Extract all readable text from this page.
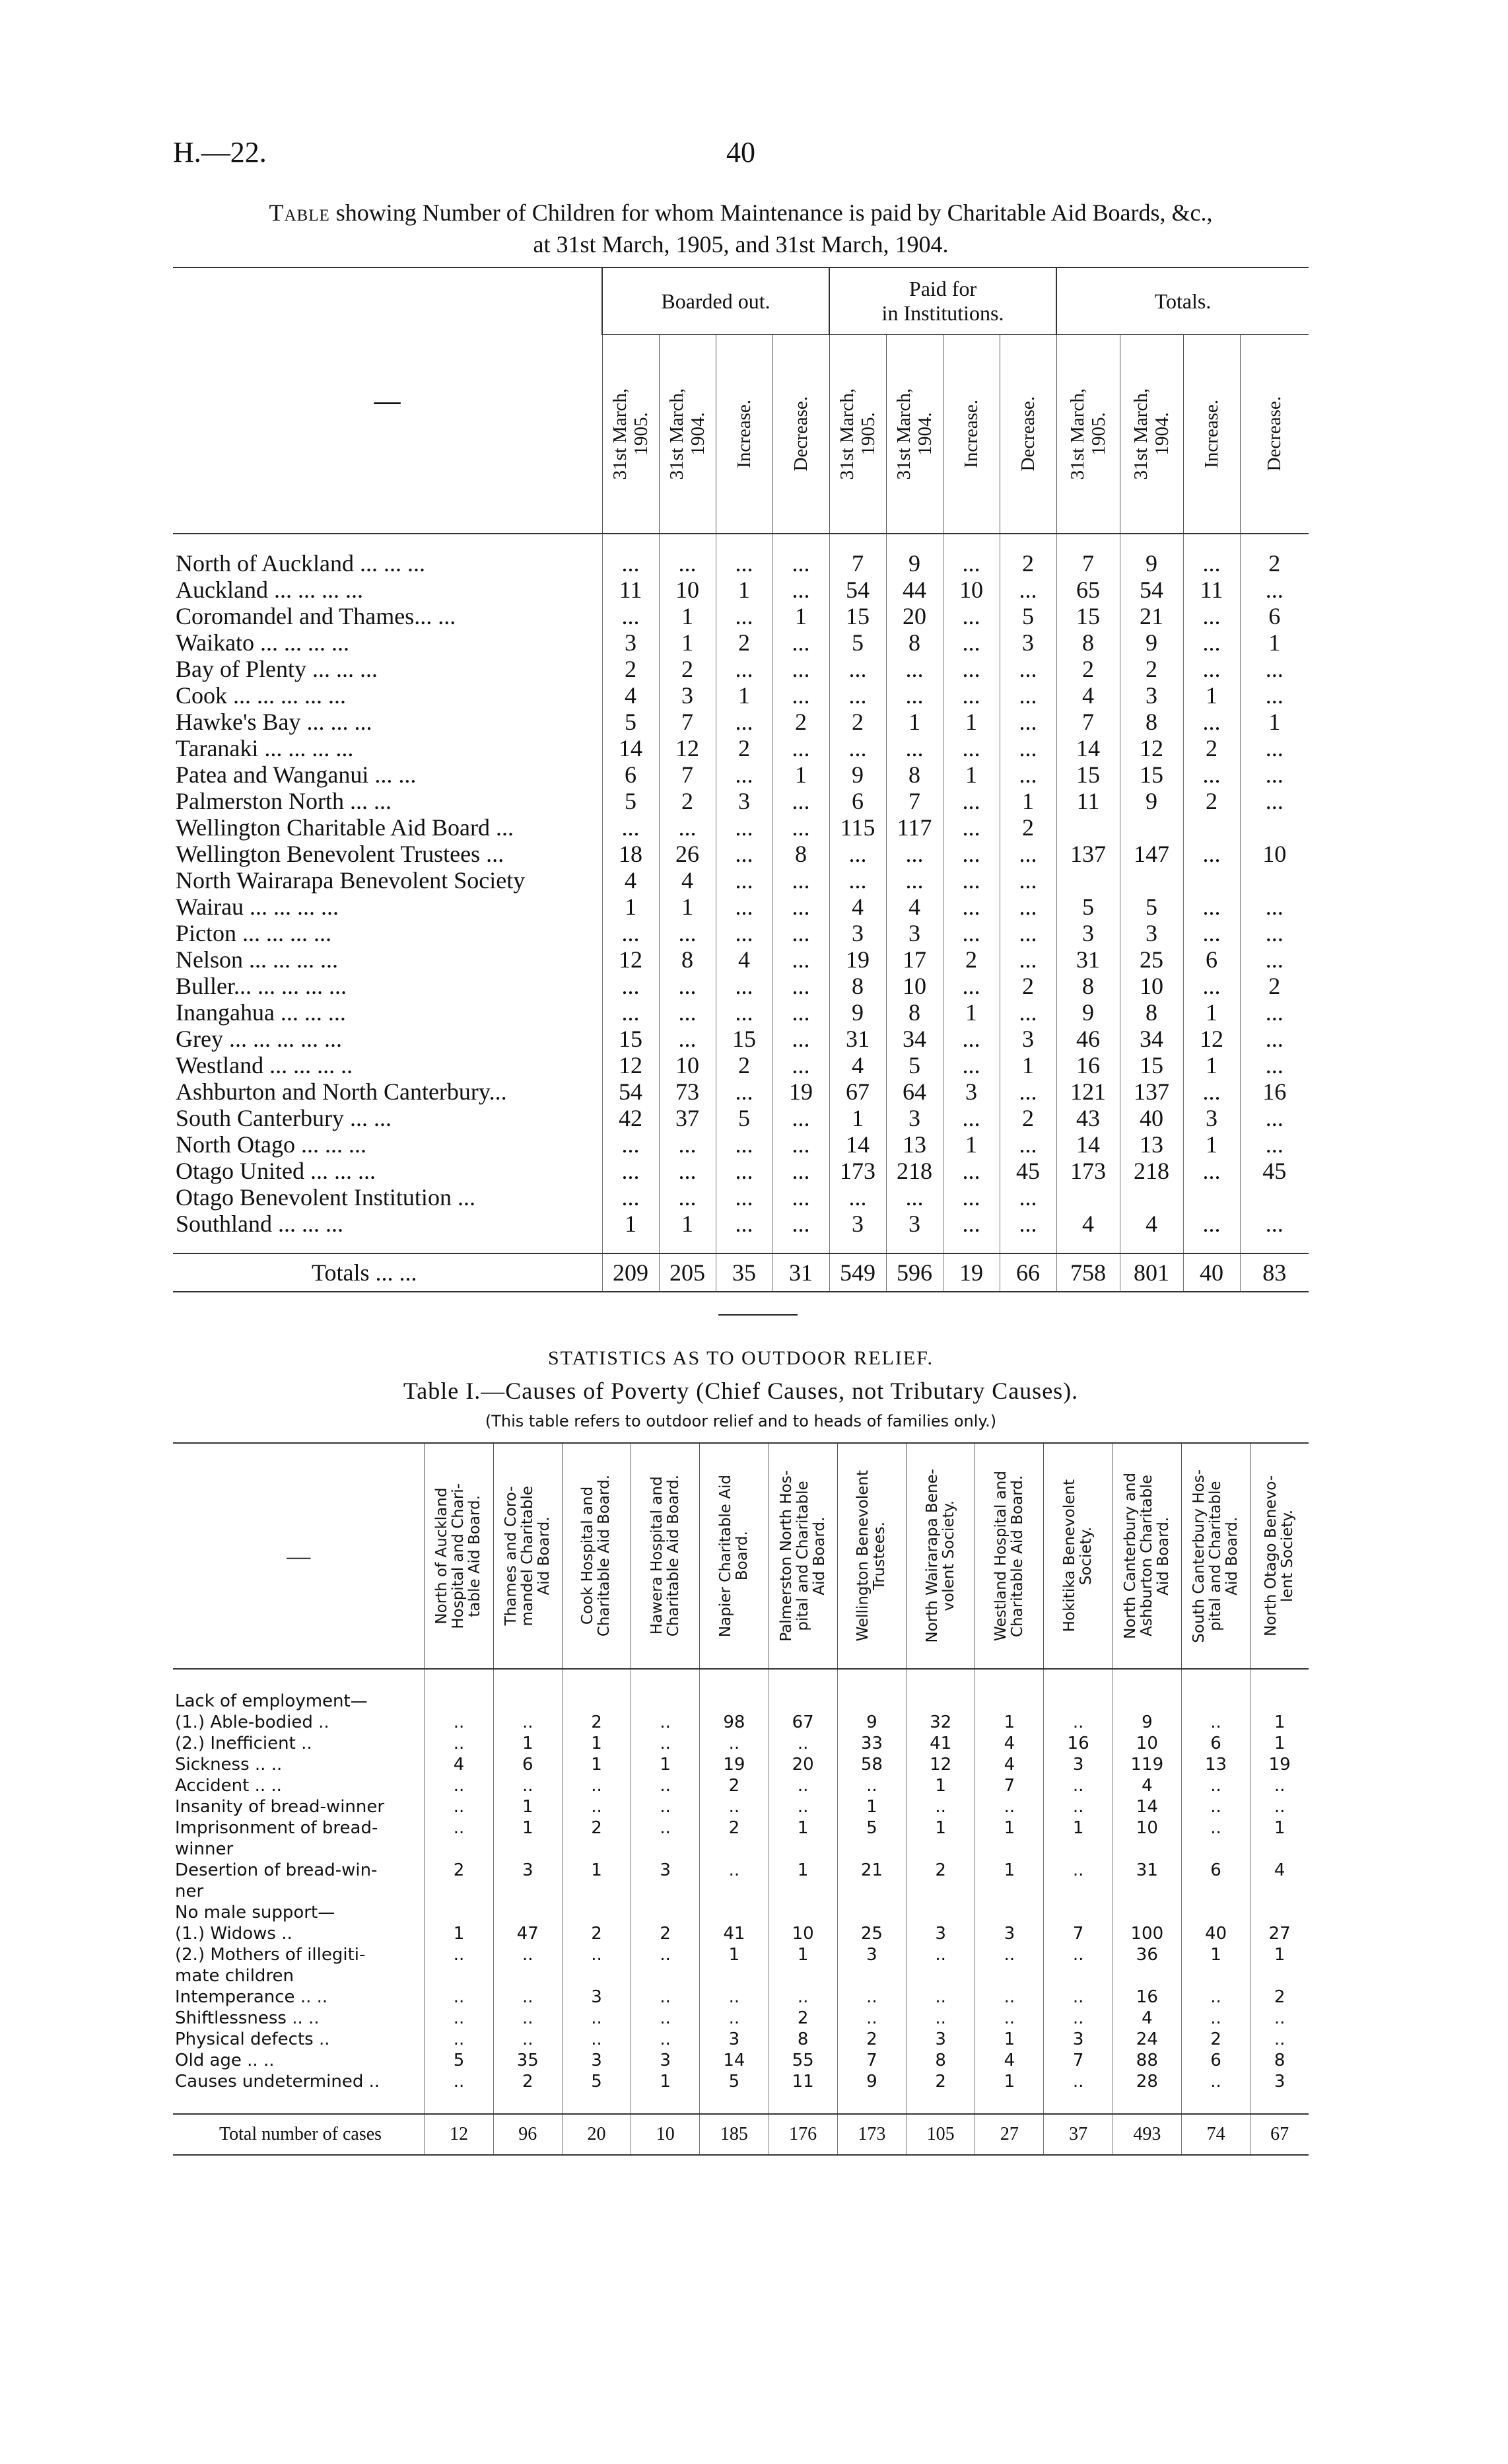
H.—22.	40
Table showing Number of Children for whom Maintenance is paid by Charitable Aid Boards, &c.,
at 31st March, 1905, and 31st March, 1904.
—	Boarded out.				Paid for
in Institutions.				Totals.			

	31st March,
1905.	31st March,
1904.	Increase.	Decrease.	31st March,
1905.	31st March,
1904.	Increase.	Decrease.	31st March,
1905.	31st March,
1904.	Increase.	Decrease.

North of Auckland ... ... ...	...	...	...	...	7	9	...	2	7	9	...	2
Auckland ... ... ... ...	11	10	1	...	54	44	10	...	65	54	11	...
Coromandel and Thames... ...	...	1	...	1	15	20	...	5	15	21	...	6
Waikato ... ... ... ...	3	1	2	...	5	8	...	3	8	9	...	1
Bay of Plenty ... ... ...	2	2	...	...	...	...	...	...	2	2	...	...
Cook ... ... ... ... ...	4	3	1	...	...	...	...	...	4	3	1	...
Hawke's Bay ... ... ...	5	7	...	2	2	1	1	...	7	8	...	1
Taranaki ... ... ... ...	14	12	2	...	...	...	...	...	14	12	2	...
Patea and Wanganui ... ...	6	7	...	1	9	8	1	...	15	15	...	...
Palmerston North ... ...	5	2	3	...	6	7	...	1	11	9	2	...
Wellington Charitable Aid Board ...	...	...	...	...	115	117	...	2				
Wellington Benevolent Trustees ...	18	26	...	8	...	...	...	...	137	147	...	10
North Wairarapa Benevolent Society	4	4	...	...	...	...	...	...				
Wairau ... ... ... ...	1	1	...	...	4	4	...	...	5	5	...	...
Picton ... ... ... ...	...	...	...	...	3	3	...	...	3	3	...	...
Nelson ... ... ... ...	12	8	4	...	19	17	2	...	31	25	6	...
Buller... ... ... ... ...	...	...	...	...	8	10	...	2	8	10	...	2
Inangahua ... ... ...	...	...	...	...	9	8	1	...	9	8	1	...
Grey ... ... ... ... ...	15	...	15	...	31	34	...	3	46	34	12	...
Westland ... ... ... ..	12	10	2	...	4	5	...	1	16	15	1	...
Ashburton and North Canterbury...	54	73	...	19	67	64	3	...	121	137	...	16
South Canterbury ... ...	42	37	5	...	1	3	...	2	43	40	3	...
North Otago ... ... ...	...	...	...	...	14	13	1	...	14	13	1	...
Otago United ... ... ...	...	...	...	...	173	218	...	45	173	218	...	45
Otago Benevolent Institution ...	...	...	...	...	...	...	...	...				
Southland ... ... ...	1	1	...	...	3	3	...	...	4	4	...	...

Totals ... ...	209	205	35	31	549	596	19	66	758	801	40	83
STATISTICS AS TO OUTDOOR RELIEF.
Table I.—Causes of Poverty (Chief Causes, not Tributary Causes).
(This table refers to outdoor relief and to heads of families only.)
—	North of Auckland
Hospital and Chari-
table Aid Board.	Thames and Coro-
mandel Charitable
Aid Board.	Cook Hospital and
Charitable Aid Board.	Hawera Hospital and
Charitable Aid Board.	Napier Charitable Aid
Board.	Palmerston North Hos-
pital and Charitable
Aid Board.	Wellington Benevolent
Trustees.	North Wairarapa Bene-
volent Society.	Westland Hospital and
Charitable Aid Board.	Hokitika Benevolent
Society.	North Canterbury and
Ashburton Charitable
Aid Board.	South Canterbury Hos-
pital and Charitable
Aid Board.	North Otago Benevo-
lent Society.

Lack of employment—													
(1.) Able-bodied ..	..	..	2	..	98	67	9	32	1	..	9	..	1
(2.) Inefficient ..	..	1	1	..	..	..	33	41	4	16	10	6	1
Sickness .. ..	4	6	1	1	19	20	58	12	4	3	119	13	19
Accident .. ..	..	..	..	..	2	..	..	1	7	..	4	..	..
Insanity of bread-winner	..	1	..	..	..	..	1	..	..	..	14	..	..
Imprisonment of bread-	..	1	2	..	2	1	5	1	1	1	10	..	1
winner													
Desertion of bread-win-	2	3	1	3	..	1	21	2	1	..	31	6	4
ner													
No male support—													
(1.) Widows ..	1	47	2	2	41	10	25	3	3	7	100	40	27
(2.) Mothers of illegiti-	..	..	..	..	1	1	3	..	..	..	36	1	1
mate children													
Intemperance .. ..	..	..	3	..	..	..	..	..	..	..	16	..	2
Shiftlessness .. ..	..	..	..	..	..	2	..	..	..	..	4	..	..
Physical defects ..	..	..	..	..	3	8	2	3	1	3	24	2	..
Old age .. ..	5	35	3	3	14	55	7	8	4	7	88	6	8
Causes undetermined ..	..	2	5	1	5	11	9	2	1	..	28	..	3

Total number of cases	12	96	20	10	185	176	173	105	27	37	493	74	67
